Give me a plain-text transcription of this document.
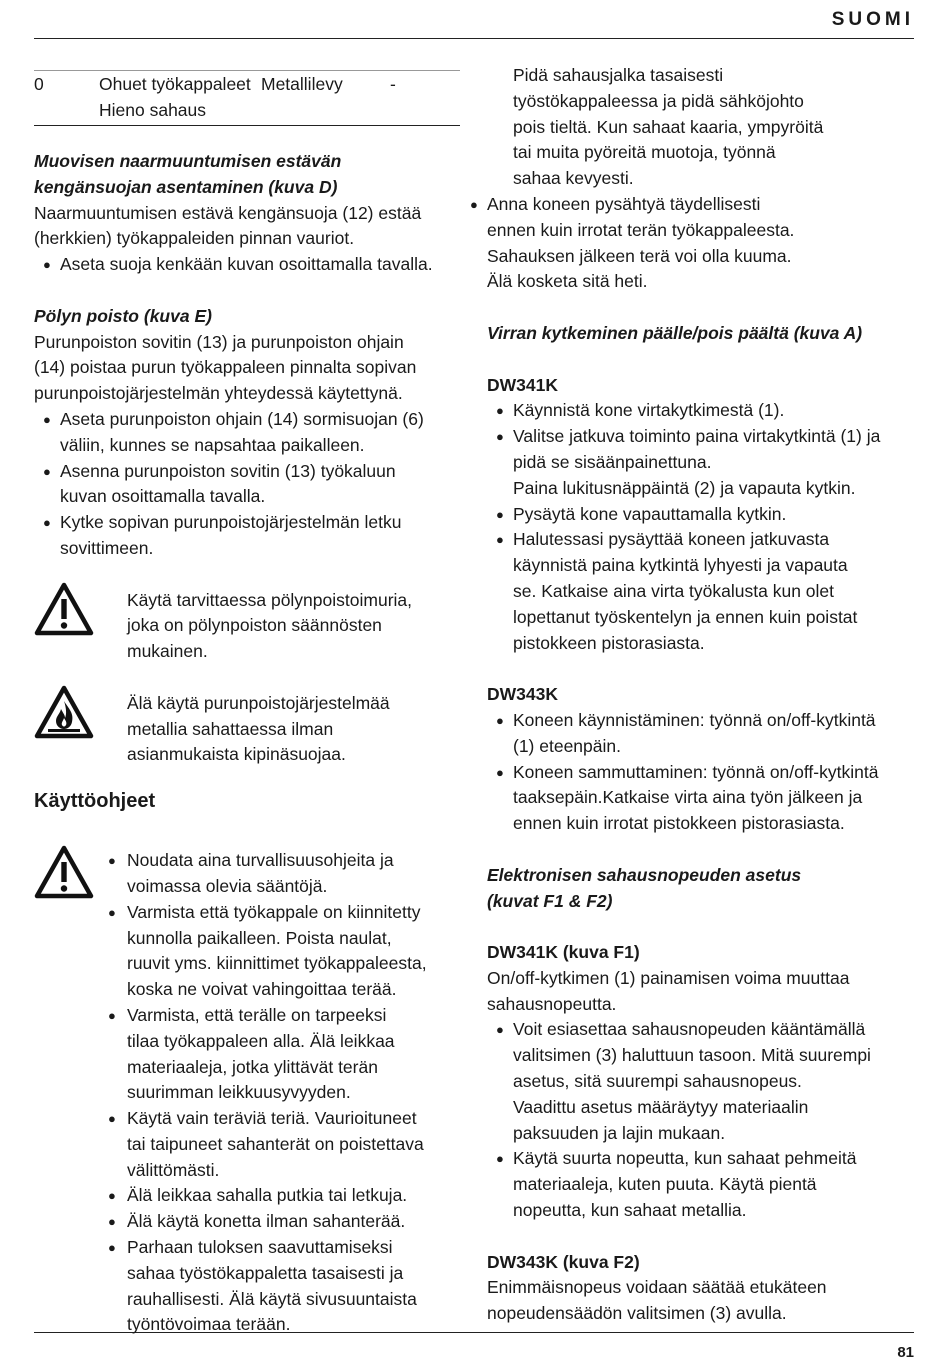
SUOMI
81
0	Ohuet työkappaleet
Hieno sahaus
Metallilevy	-

Muovisen naarmuuntumisen estävän

kengänsuojan asentaminen (kuva D)

Naarmuuntumisen estävä kengänsuoja (12) estää

(herkkien) työkappaleiden pinnan vauriot.

● Aseta suoja kenkään kuvan osoittamalla tavalla.

Pölyn poisto (kuva E)

Purunpoiston sovitin (13) ja purunpoiston ohjain

(14) poistaa purun työkappaleen pinnalta sopivan

purunpoistojärjestelmän yhteydessä käytettynä.

● Aseta purunpoiston ohjain (14) sormisuojan (6)
väliin, kunnes se napsahtaa paikalleen.
● Asenna purunpoiston sovitin (13) työkaluun
kuvan osoittamalla tavalla.
● Kytke sopivan purunpoistojärjestelmän letku
sovittimeen.
Käytä tarvittaessa pölynpoistoimuria,
joka on pölynpoiston säännösten
mukainen.
Älä käytä purunpoistojärjestelmää
metallia sahattaessa ilman
asianmukaista kipinäsuojaa.

Käyttöohjeet

● Noudata aina turvallisuusohjeita ja
voimassa olevia sääntöjä.
● Varmista että työkappale on kiinnitetty
kunnolla paikalleen. Poista naulat,
ruuvit yms. kiinnittimet työkappaleesta,
koska ne voivat vahingoittaa terää.
● Varmista, että terälle on tarpeeksi
tilaa työkappaleen alla. Älä leikkaa
materiaaleja, jotka ylittävät terän
suurimman leikkuusyvyyden.
● Käytä vain teräviä teriä. Vaurioituneet
tai taipuneet sahanterät on poistettava
välittömästi.
● Älä leikkaa sahalla putkia tai letkuja.
● Älä käytä konetta ilman sahanterää.
● Parhaan tuloksen saavuttamiseksi
sahaa työstökappaletta tasaisesti ja
rauhallisesti. Älä käytä sivusuuntaista
työntövoimaa terään.
Pidä sahausjalka tasaisesti
työstökappaleessa ja pidä sähköjohto
pois tieltä. Kun sahaat kaaria, ympyröitä
tai muita pyöreitä muotoja, työnnä
sahaa kevyesti.
● Anna koneen pysähtyä täydellisesti
ennen kuin irrotat terän työkappaleesta.
Sahauksen jälkeen terä voi olla kuuma.
Älä kosketa sitä heti.

Virran kytkeminen päälle/pois päältä (kuva A)

DW341K

● Käynnistä kone virtakytkimestä (1).
● Valitse jatkuva toiminto paina virtakytkintä (1) ja
pidä se sisäänpainettuna.
Paina lukitusnäppäintä (2) ja vapauta kytkin.
● Pysäytä kone vapauttamalla kytkin.
● Halutessasi pysäyttää koneen jatkuvasta
käynnistä paina kytkintä lyhyesti ja vapauta
se. Katkaise aina virta työkalusta kun olet
lopettanut työskentelyn ja ennen kuin poistat
pistokkeen pistorasiasta.

DW343K

● Koneen käynnistäminen: työnnä on/off-kytkintä
(1) eteenpäin.
● Koneen sammuttaminen: työnnä on/off-kytkintä
taaksepäin.Katkaise virta aina työn jälkeen ja
ennen kuin irrotat pistokkeen pistorasiasta.

Elektronisen sahausnopeuden asetus

(kuvat F1 & F2)

DW341K (kuva F1)

On/off-kytkimen (1) painamisen voima muuttaa

sahausnopeutta.

● Voit esiasettaa sahausnopeuden kääntämällä
valitsimen (3) haluttuun tasoon. Mitä suurempi
asetus, sitä suurempi sahausnopeus.
Vaadittu asetus määräytyy materiaalin
paksuuden ja lajin mukaan.
● Käytä suurta nopeutta, kun sahaat pehmeitä
materiaaleja, kuten puuta. Käytä pientä
nopeutta, kun sahaat metallia.

DW343K (kuva F2)

Enimmäisnopeus voidaan säätää etukäteen

nopeudensäädön valitsimen (3) avulla.
